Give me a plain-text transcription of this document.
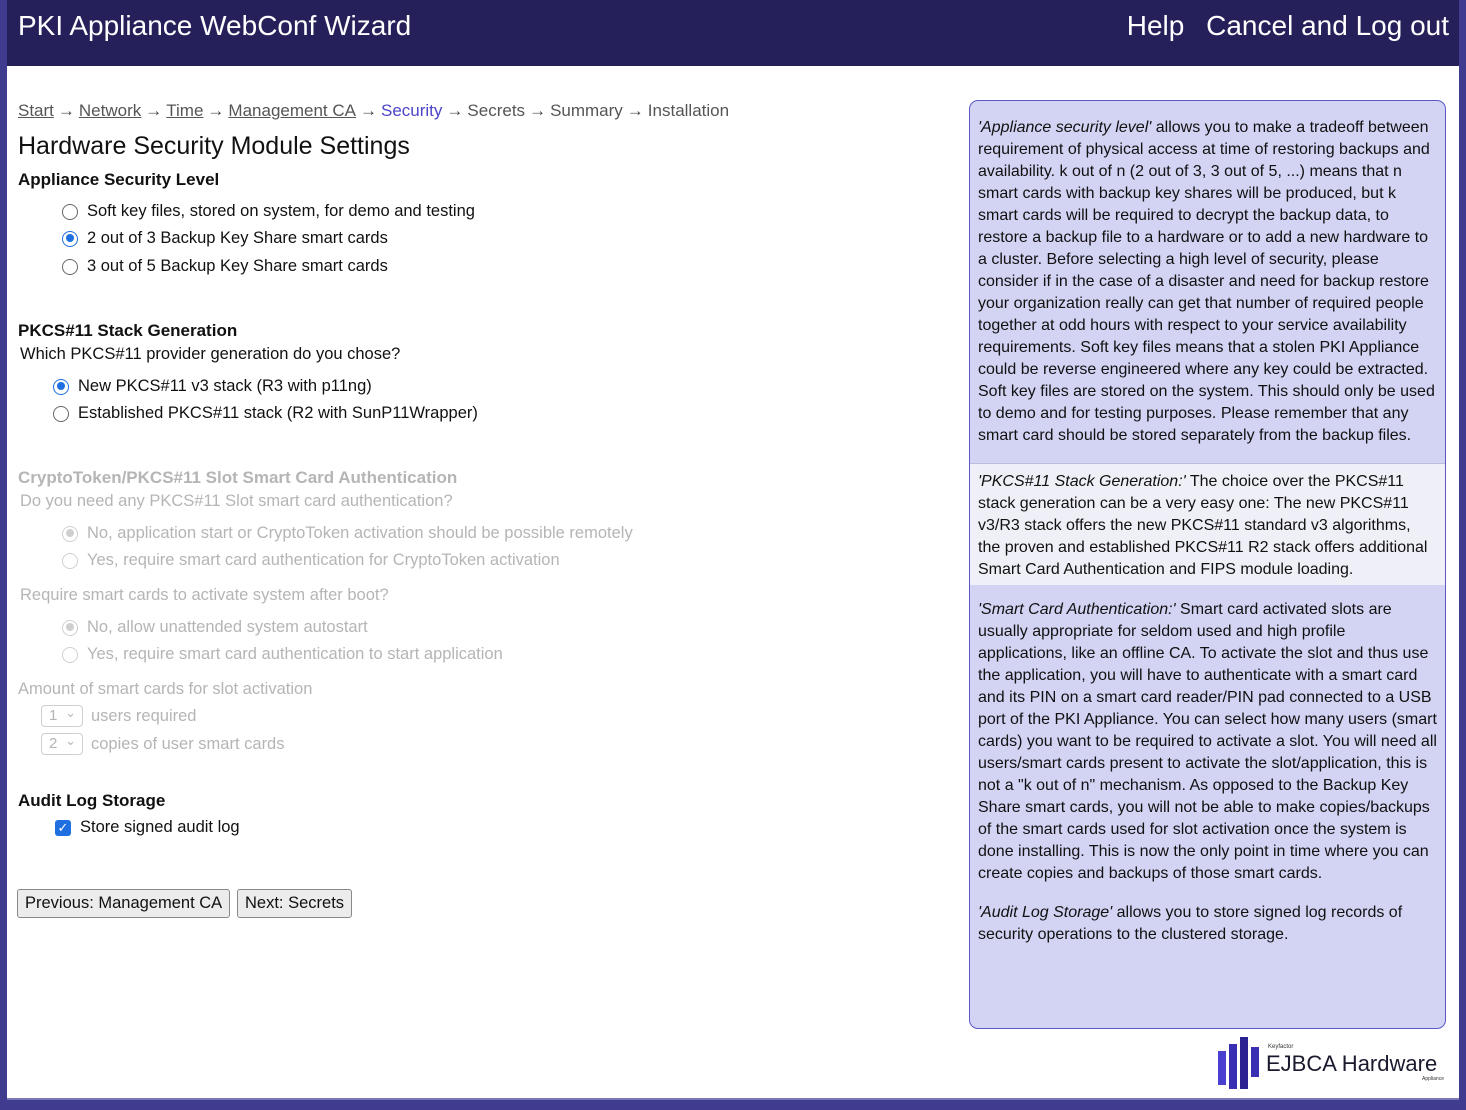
PKI Appliance WebConf Wizard	Help Cancel and Log out
Start → Network → Time → Management CA → Security → Secrets → Summary → Installation
Hardware Security Module Settings
Appliance Security Level
Soft key files, stored on system, for demo and testing
2 out of 3 Backup Key Share smart cards
3 out of 5 Backup Key Share smart cards
PKCS#11 Stack Generation
Which PKCS#11 provider generation do you chose?
New PKCS#11 v3 stack (R3 with p11ng)
Established PKCS#11 stack (R2 with SunP11Wrapper)
CryptoToken/PKCS#11 Slot Smart Card Authentication
Do you need any PKCS#11 Slot smart card authentication?
No, application start or CryptoToken activation should be possible remotely
Yes, require smart card authentication for CryptoToken activation
Require smart cards to activate system after boot?
No, allow unattended system autostart
Yes, require smart card authentication to start application
Amount of smart cards for slot activation
1 ⌄	users required
2 ⌄	copies of user smart cards
Audit Log Storage
✓ Store signed audit log
Previous: Management CA	Next: Secrets
'Appliance security level' allows you to make a tradeoff between requirement of physical access at time of restoring backups and availability. k out of n (2 out of 3, 3 out of 5, ...) means that n smart cards with backup key shares will be produced, but k smart cards will be required to decrypt the backup data, to restore a backup file to a hardware or to add a new hardware to a cluster. Before selecting a high level of security, please consider if in the case of a disaster and need for backup restore your organization really can get that number of required people together at odd hours with respect to your service availability requirements. Soft key files means that a stolen PKI Appliance could be reverse engineered where any key could be extracted. Soft key files are stored on the system. This should only be used to demo and for testing purposes. Please remember that any smart card should be stored separately from the backup files.
'PKCS#11 Stack Generation:' The choice over the PKCS#11 stack generation can be a very easy one: The new PKCS#11 v3/R3 stack offers the new PKCS#11 standard v3 algorithms, the proven and established PKCS#11 R2 stack offers additional Smart Card Authentication and FIPS module loading.
'Smart Card Authentication:' Smart card activated slots are usually appropriate for seldom used and high profile applications, like an offline CA. To activate the slot and thus use the application, you will have to authenticate with a smart card and its PIN on a smart card reader/PIN pad connected to a USB port of the PKI Appliance. You can select how many users (smart cards) you want to be required to activate a slot. You will need all users/smart cards present to activate the slot/application, this is not a "k out of n" mechanism. As opposed to the Backup Key Share smart cards, you will not be able to make copies/backups of the smart cards used for slot activation once the system is done installing. This is now the only point in time where you can create copies and backups of those smart cards.
'Audit Log Storage' allows you to store signed log records of security operations to the clustered storage.
Keyfactor
EJBCA Hardware
Appliance
